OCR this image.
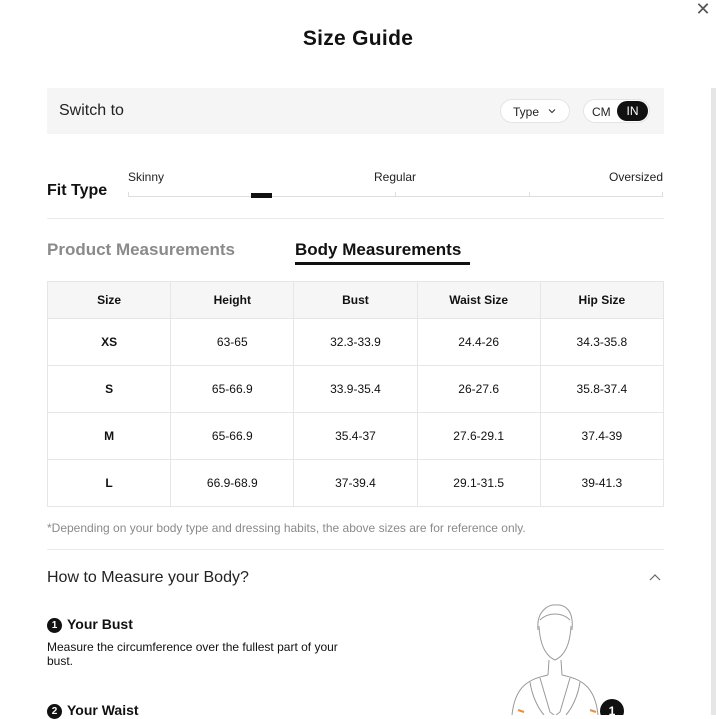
✕
Size Guide
Switch to	Type	CM	IN
Fit Type
Skinny	Regular	Oversized
Product Measurements	Body Measurements
Size	Height	Bust	Waist Size	Hip Size
XS	63-65	32.3-33.9	24.4-26	34.3-35.8
S	65-66.9	33.9-35.4	26-27.6	35.8-37.4
M	65-66.9	35.4-37	27.6-29.1	37.4-39
L	66.9-68.9	37-39.4	29.1-31.5	39-41.3
*Depending on your body type and dressing habits, the above sizes are for reference only.
How to Measure your Body?
1 Your Bust
Measure the circumference over the fullest part of your bust.
2 Your Waist	1
